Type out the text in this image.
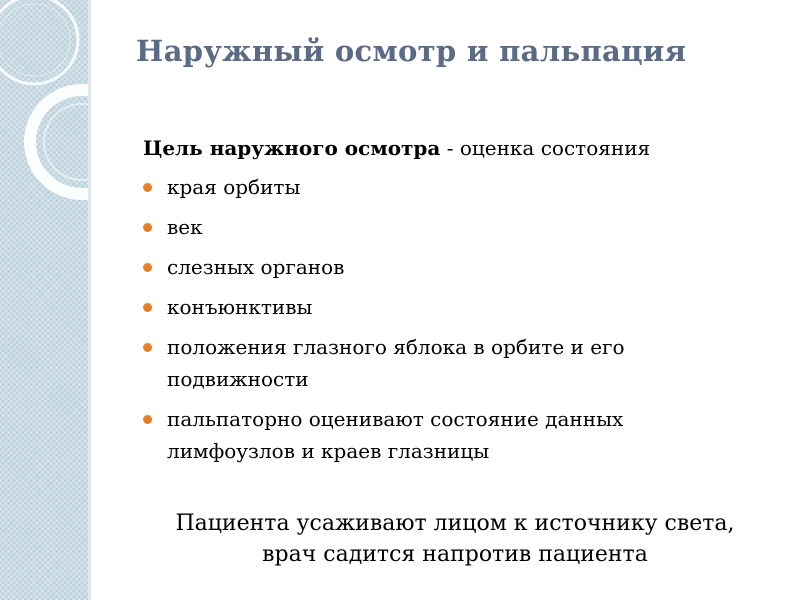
Наружный осмотр и пальпация

Цель наружного осмотра - оценка состояния

края орбиты
век
слезных органов
конъюнктивы
положения глазного яблока в орбите и его
подвижности
пальпаторно оценивают состояние данных
лимфоузлов и краев глазницы

Пациента усаживают лицом к источнику света,
врач садится напротив пациента
